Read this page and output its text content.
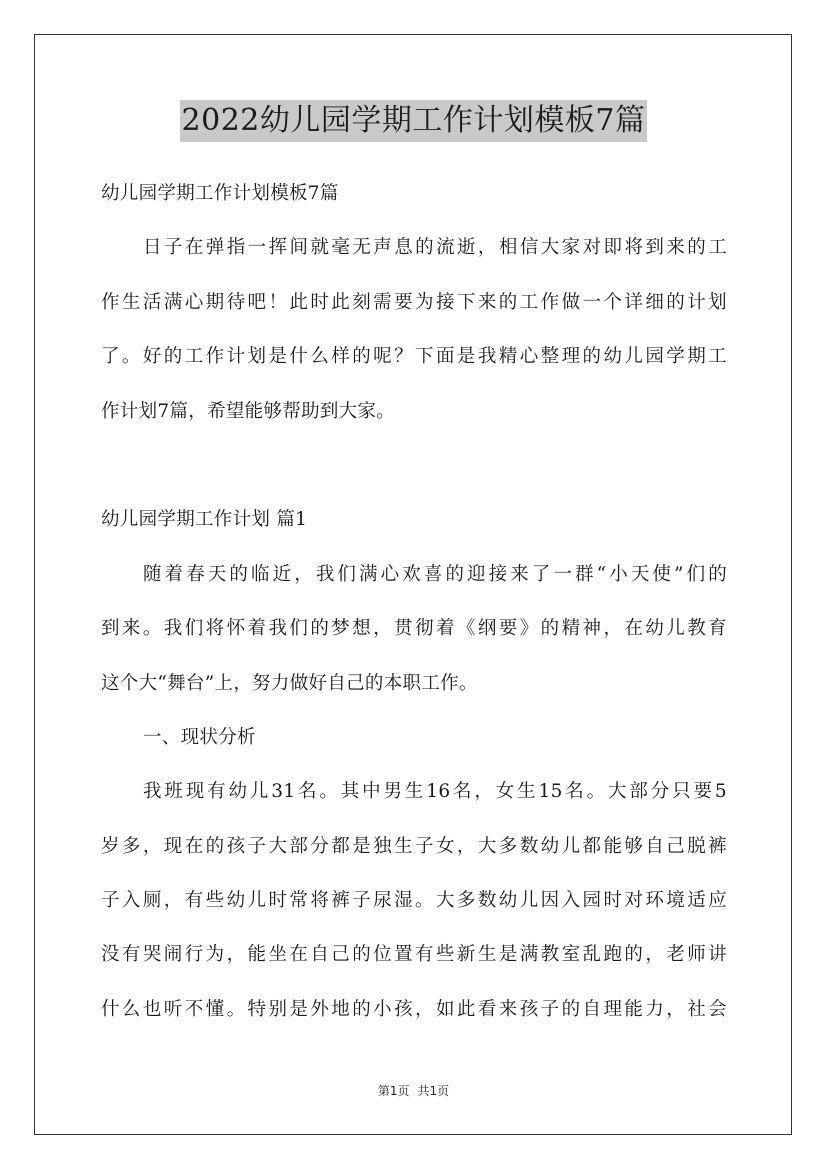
2022幼儿园学期工作计划模板7篇
幼儿园学期工作计划模板7篇
日子在弹指一挥间就毫无声息的流逝，相信大家对即将到来的工
作生活满心期待吧！此时此刻需要为接下来的工作做一个详细的计划
了。好的工作计划是什么样的呢？下面是我精心整理的幼儿园学期工
作计划7篇，希望能够帮助到大家。
幼儿园学期工作计划 篇1
随着春天的临近，我们满心欢喜的迎接来了一群“小天使”们的
到来。我们将怀着我们的梦想，贯彻着《纲要》的精神，在幼儿教育
这个大“舞台”上，努力做好自己的本职工作。
一、现状分析
我班现有幼儿31名。其中男生16名，女生15名。大部分只要5
岁多，现在的孩子大部分都是独生子女，大多数幼儿都能够自己脱裤
子入厕，有些幼儿时常将裤子尿湿。大多数幼儿因入园时对环境适应
没有哭闹行为，能坐在自己的位置有些新生是满教室乱跑的，老师讲
什么也听不懂。特别是外地的小孩，如此看来孩子的自理能力，社会
第1页 共1页
